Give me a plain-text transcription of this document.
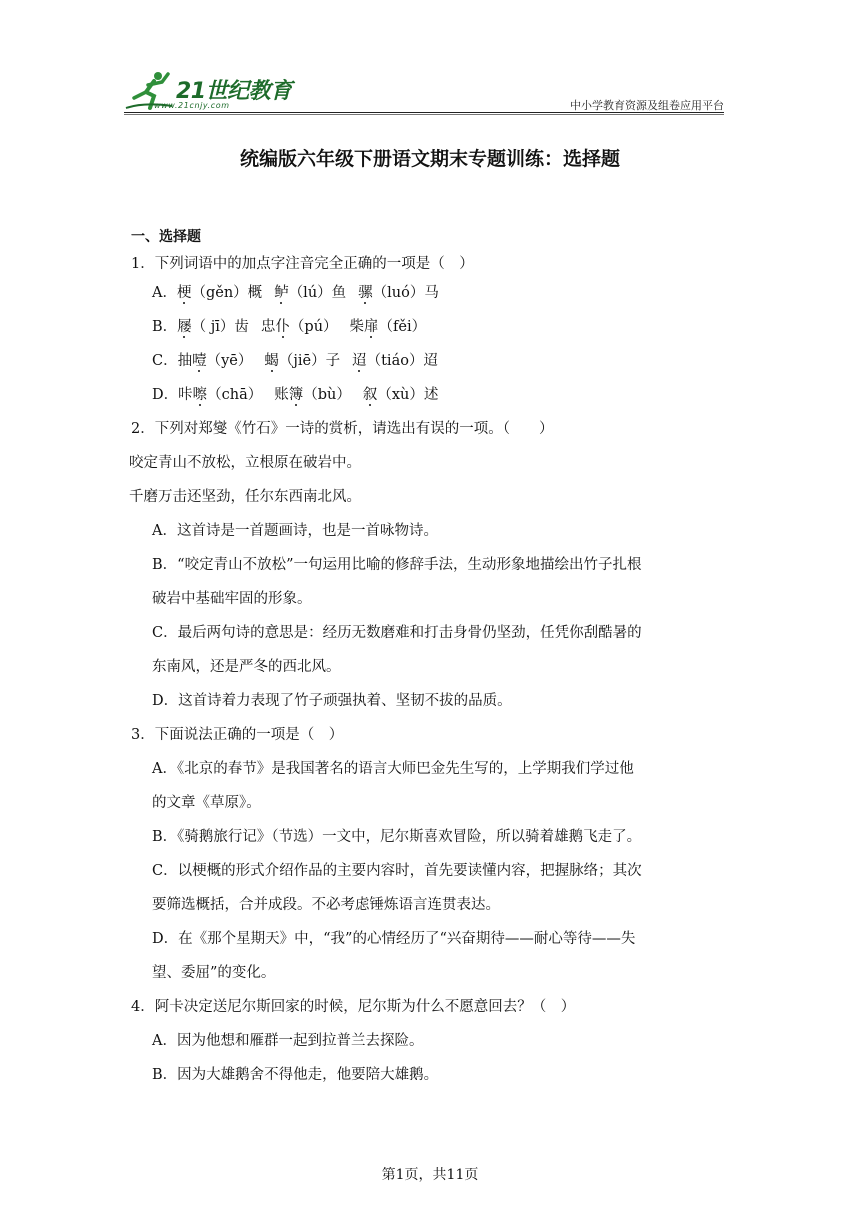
21世纪教育
www.21cnjy.com	中小学教育资源及组卷应用平台
统编版六年级下册语文期末专题训练：选择题
一、选择题
1．下列词语中的加点字注音完全正确的一项是（　）
A．梗（gěn）概 鲈（lú）鱼 骡（luó）马
B．屦（ jī）齿 忠仆（pú） 柴扉（fěi）
C．抽噎（yē） 蝎（jiē）子 迢（tiáo）迢
D．咔嚓（chā） 账簿（bù） 叙（xù）述
2．下列对郑燮《竹石》一诗的赏析，请选出有误的一项。（　　）
咬定青山不放松，立根原在破岩中。
千磨万击还坚劲，任尔东西南北风。
A．这首诗是一首题画诗，也是一首咏物诗。
B．“咬定青山不放松”一句运用比喻的修辞手法，生动形象地描绘出竹子扎根
破岩中基础牢固的形象。
C．最后两句诗的意思是：经历无数磨难和打击身骨仍坚劲，任凭你刮酷暑的
东南风，还是严冬的西北风。
D．这首诗着力表现了竹子顽强执着、坚韧不拔的品质。
3．下面说法正确的一项是（　）
A．《北京的春节》是我国著名的语言大师巴金先生写的，上学期我们学过他
的文章《草原》。
B．《骑鹅旅行记》（节选）一文中，尼尔斯喜欢冒险，所以骑着雄鹅飞走了。
C．以梗概的形式介绍作品的主要内容时，首先要读懂内容，把握脉络；其次
要筛选概括，合并成段。不必考虑锤炼语言连贯表达。
D．在《那个星期天》中，“我”的心情经历了“兴奋期待——耐心等待——失
望、委屈”的变化。
4．阿卡决定送尼尔斯回家的时候，尼尔斯为什么不愿意回去？（　）
A．因为他想和雁群一起到拉普兰去探险。
B．因为大雄鹅舍不得他走，他要陪大雄鹅。
第1页，共11页
